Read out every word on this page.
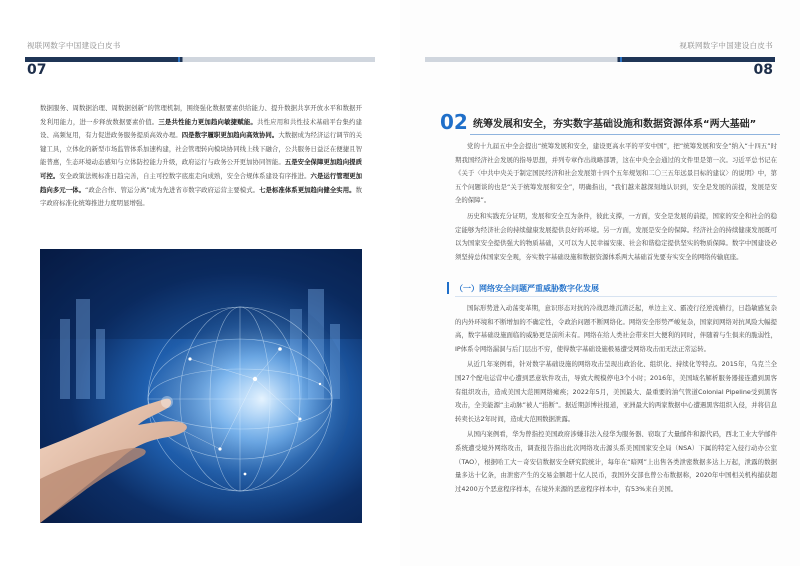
视联网数字中国建设白皮书
07
数据服务、周数据治理、周数据创新”的管理机制，围绕强化数据要素供给能力、提升数据共享开放水平和数据开发利用能力，进一步释放数据要素价值。三是共性能力更加趋向敏捷赋能。共性应用和共性技术基础平台集约建设、高频复用，有力促进政务服务提质高效办理。四是数字履职更加趋向高效协同。大数据成为经济运行调节的关键工具，立体化的新型市场监管体系加速构建，社会管理转向模块协同线上线下融合，公共服务日益泛在便捷且智能普惠，生态环境动态感知与立体防控能力升级，政府运行与政务公开更加协同智能。五是安全保障更加趋向提质可控。安全政策法规标准日趋完善，自主可控数字底座走向成熟，安全合规体系建设有序推进。六是运行管理更加趋向多元一体。“政企合作、管运分离”成为先进省市数字政府运营主要模式。七是标准体系更加趋向健全实用。数字政府标准化统筹推进力度明显增强。
视联网数字中国建设白皮书
08
02 统筹发展和安全，夯实数字基础设施和数据资源体系“两大基础”

党的十九届五中全会提出“统筹发展和安全，建设更高水平的平安中国”，把“统筹发展和安全”纳入“十四五”时期我国经济社会发展的指导思想，并列专章作出战略部署，这在中央全会通过的文件里是第一次。习近平总书记在《关于〈中共中央关于制定国民经济和社会发展第十四个五年规划和二〇三五年远景目标的建议〉的说明》中，第五个问题谈的也是“关于统筹发展和安全”，明确指出，“我们越来越深刻地认识到，安全是发展的前提，发展是安全的保障”。

历史和实践充分证明，发展和安全互为条件，彼此支撑，一方面，安全是发展的前提，国家的安全和社会的稳定能够为经济社会的持续健康发展提供良好的环境。另一方面，发展是安全的保障。经济社会的持续健康发展既可以为国家安全提供强大的物质基础，又可以为人民幸福安康、社会和谐稳定提供坚实的物质保障。数字中国建设必须坚持总体国家安全观，夯实数字基础设施和数据资源体系两大基础首先要夯实安全的网络传输底座。

（一）网络安全问题严重威胁数字化发展

国际形势进入动荡变革期，意识形态对抗的冷战思维沉渣泛起，单边主义、霸凌行径逆流横行，日趋敏感复杂的内外环境和不断增加的不确定性，令政治问题不断网络化。网络安全形势严峻复杂，国家间网络对抗风险大幅提高，数字基础设施面临的威胁更是前所未有。网络在给人类社会带来巨大便利的同时，伴随着与生俱来的脆弱性，IP体系令网络漏洞与后门层出不穷，使得数字基础设施极易遭受网络攻击而无法正常运转。

从近几年案例看，针对数字基础设施的网络攻击呈现出政治化、组织化、持续化等特点。2015年，乌克兰全国27个配电运营中心遭到恶意软件攻击，导致大规模停电3个小时；2016年，美国域名解析服务器接连遭到黑客有组织攻击，造成美国大范围网络瘫痪；2022年5月，美国最大、最重要的油气管道Colonial Pipeline受到黑客攻击，全美能源“主动脉”被人“掐断”。据近期彭博社报道，亚洲最大的两家数据中心遭遇黑客组织入侵，并将信息转卖长达2年时间，造成大范围数据泄露。

从国内案例看，华为曾指控美国政府涉嫌非法入侵华为服务器、窃取了大量邮件和源代码，西北工业大学邮件系统遭受境外网络攻击，调查报告指出此次网络攻击源头系美国国家安全局（NSA）下属的特定入侵行动办公室（TAO），根据哈工大－奇安信数据安全研究院统计，每年在“暗网”上出售各类泄密数据多达上万起，泄露的数据量多达十亿条，由泄密产生的交易金额超十亿人民币，我国外交部也曾公布数据称，2020年中国相关机构捕获超过4200万个恶意程序样本，在境外来源的恶意程序样本中，有53%来自美国。
